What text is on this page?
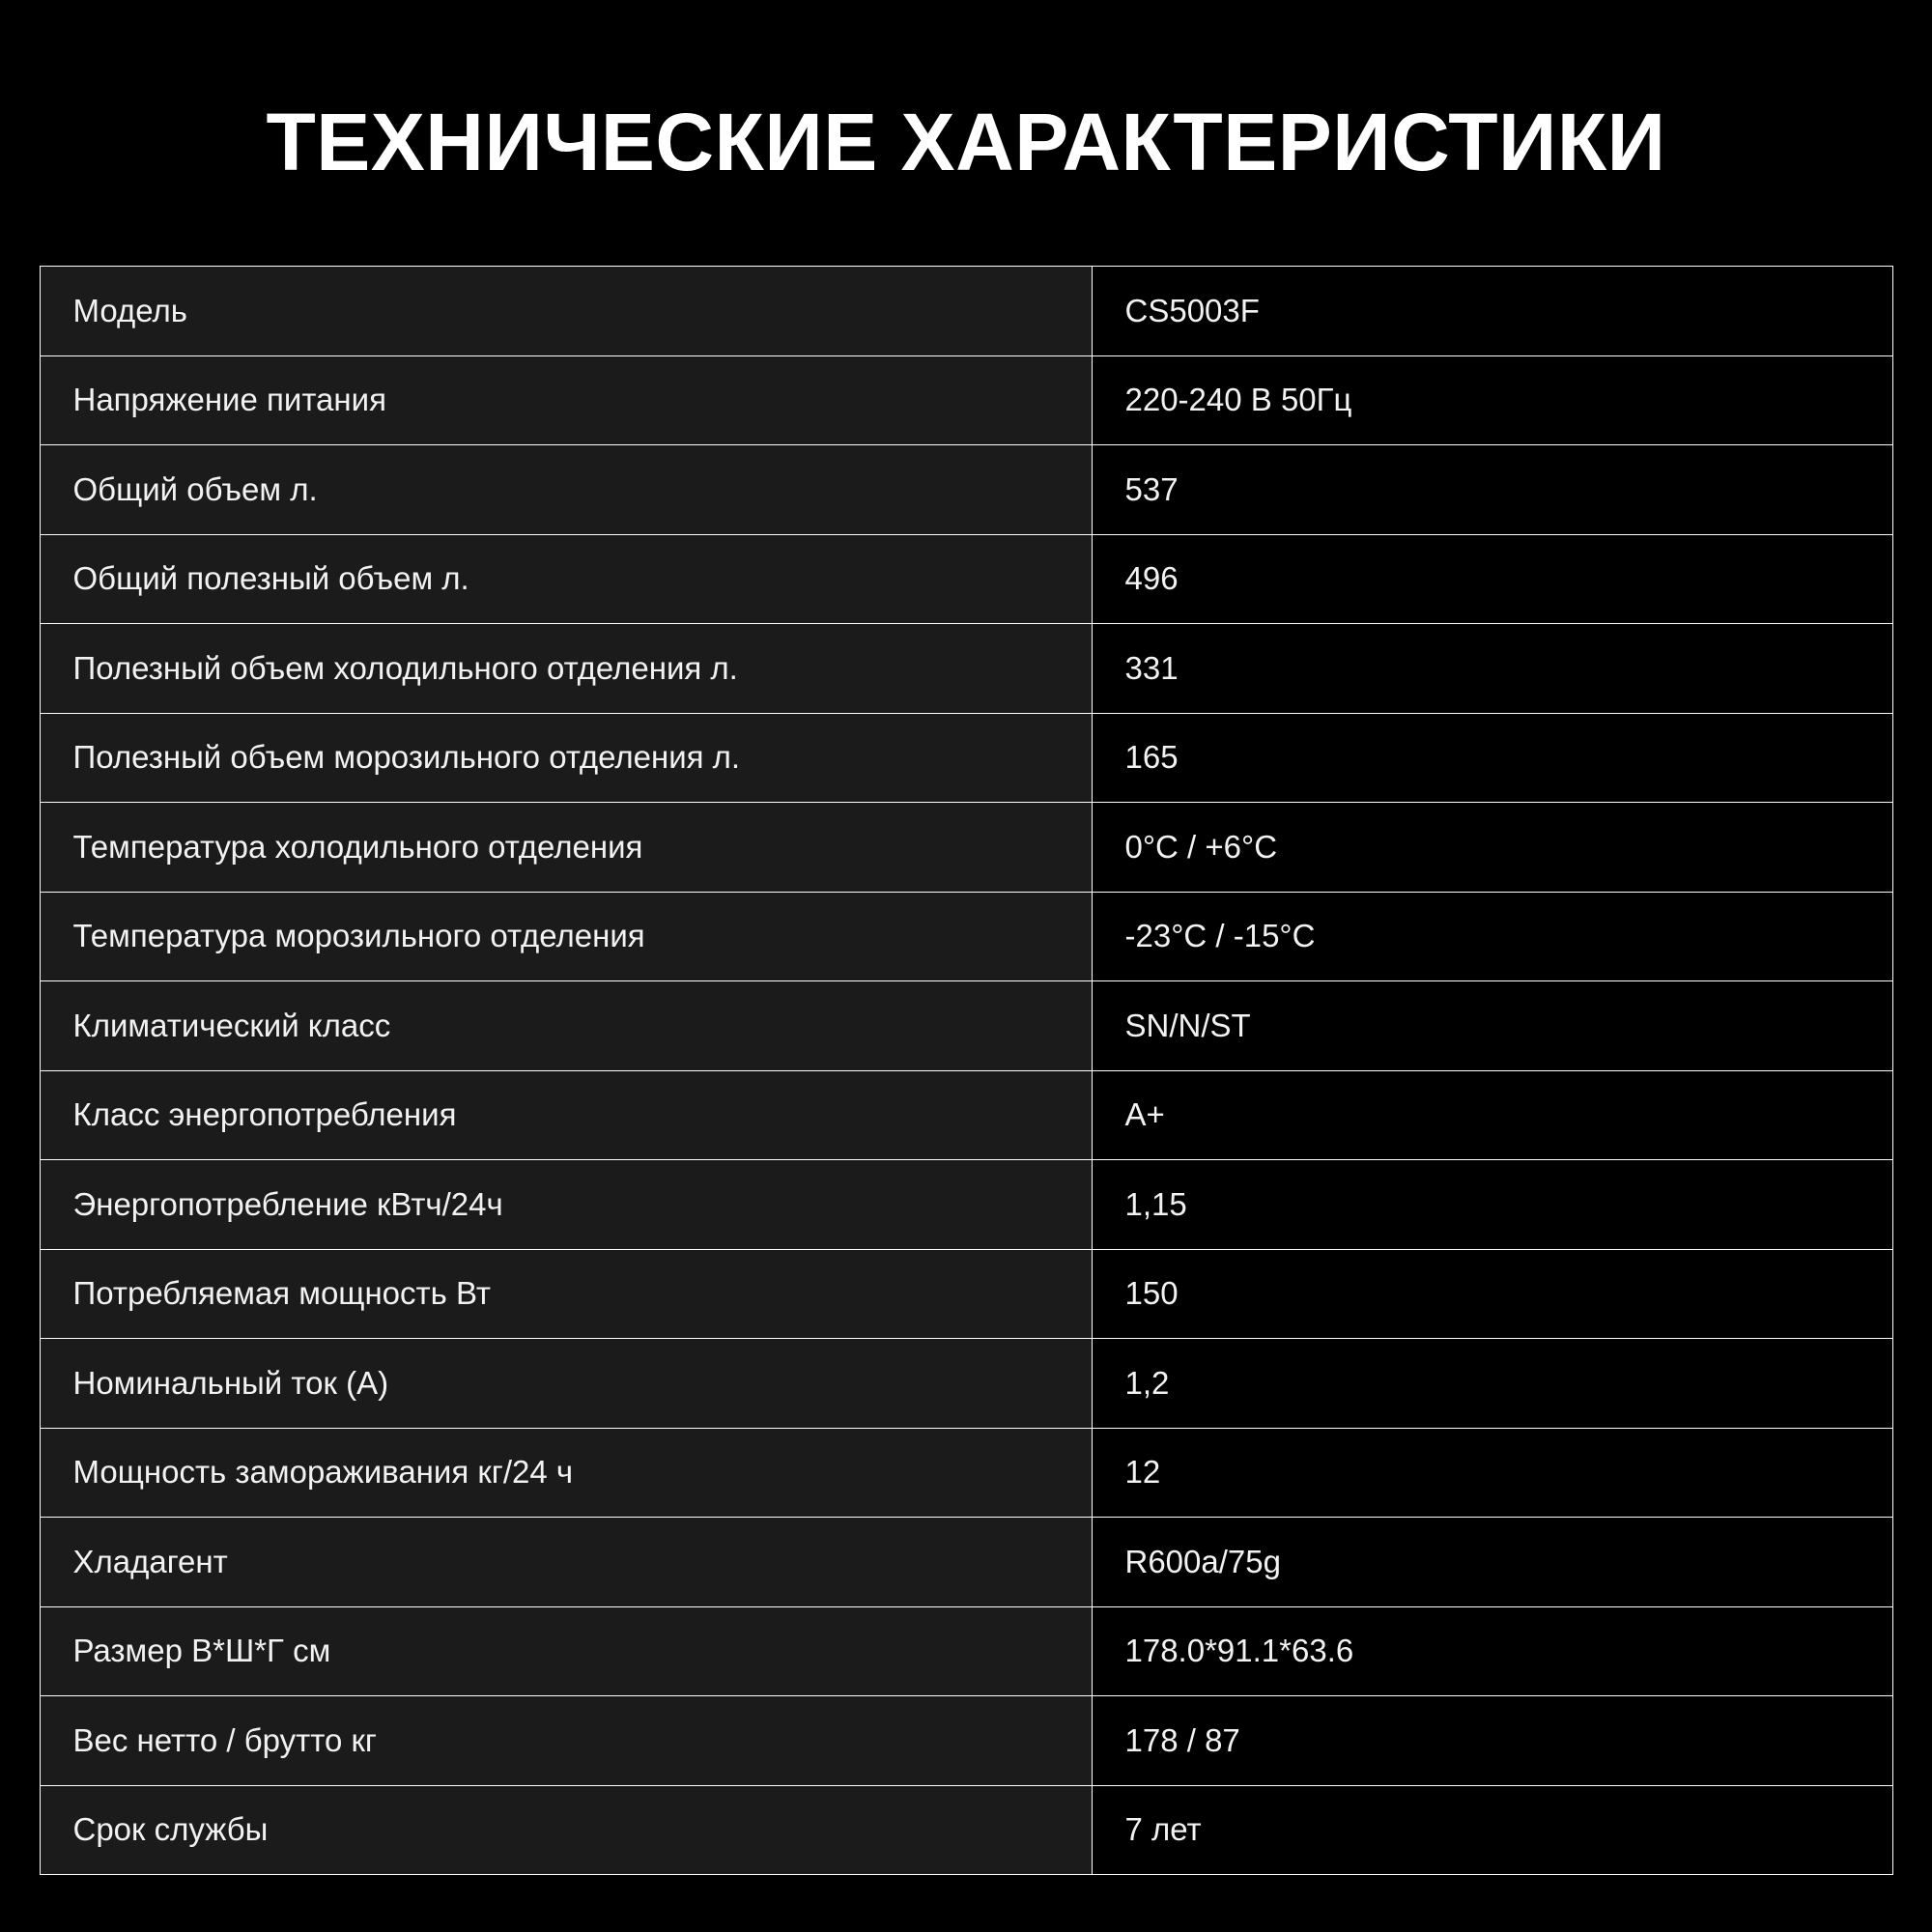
ТЕХНИЧЕСКИЕ ХАРАКТЕРИСТИКИ
Модель	CS5003F
Напряжение питания	220-240 В 50Гц
Общий объем л.	537
Общий полезный объем л.	496
Полезный объем холодильного отделения л.	331
Полезный объем морозильного отделения л.	165
Температура холодильного отделения	0°C / +6°C
Температура морозильного отделения	-23°C / -15°C
Климатический класс	SN/N/ST
Класс энергопотребления	A+
Энергопотребление кВтч/24ч	1,15
Потребляемая мощность Вт	150
Номинальный ток (А)	1,2
Мощность замораживания кг/24 ч	12
Хладагент	R600a/75g
Размер В*Ш*Г см	178.0*91.1*63.6
Вес нетто / брутто кг	178 / 87
Срок службы	7 лет
